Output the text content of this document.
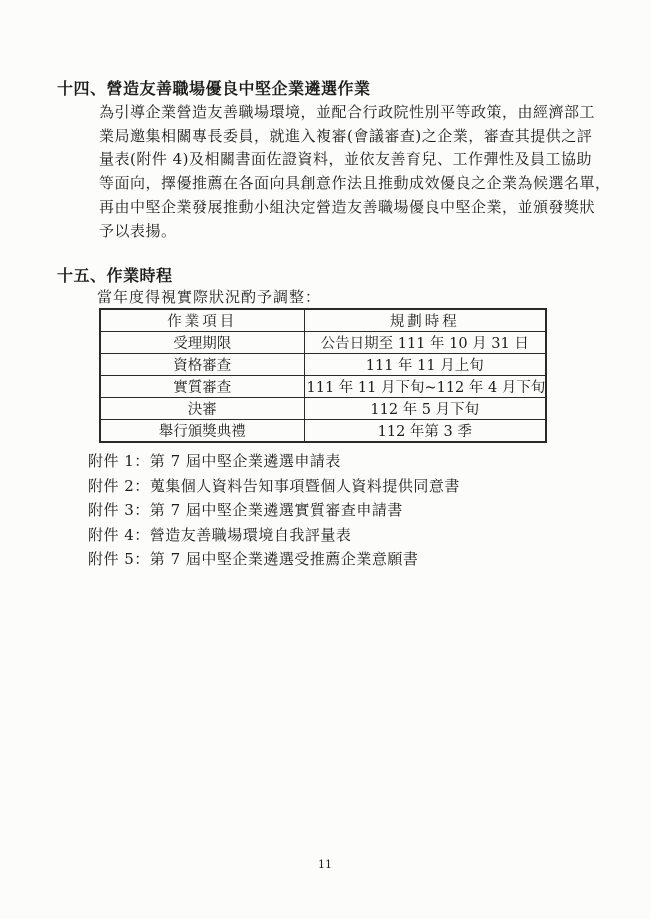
十四、營造友善職場優良中堅企業遴選作業
為引導企業營造友善職場環境，並配合行政院性別平等政策，由經濟部工
業局邀集相關專長委員，就進入複審(會議審查)之企業，審查其提供之評
量表(附件 4)及相關書面佐證資料，並依友善育兒、工作彈性及員工協助
等面向，擇優推薦在各面向具創意作法且推動成效優良之企業為候選名單，
再由中堅企業發展推動小組決定營造友善職場優良中堅企業，並頒發獎狀
予以表揚。
十五、作業時程
當年度得視實際狀況酌予調整：
作業項目	規劃時程
受理期限	公告日期至 111 年 10 月 31 日
資格審查	111 年 11 月上旬
實質審查	111 年 11 月下旬~112 年 4 月下旬
決審	112 年 5 月下旬
舉行頒獎典禮	112 年第 3 季
附件 1：第 7 屆中堅企業遴選申請表
附件 2：蒐集個人資料告知事項暨個人資料提供同意書
附件 3：第 7 屆中堅企業遴選實質審查申請書
附件 4：營造友善職場環境自我評量表
附件 5：第 7 屆中堅企業遴選受推薦企業意願書
11
